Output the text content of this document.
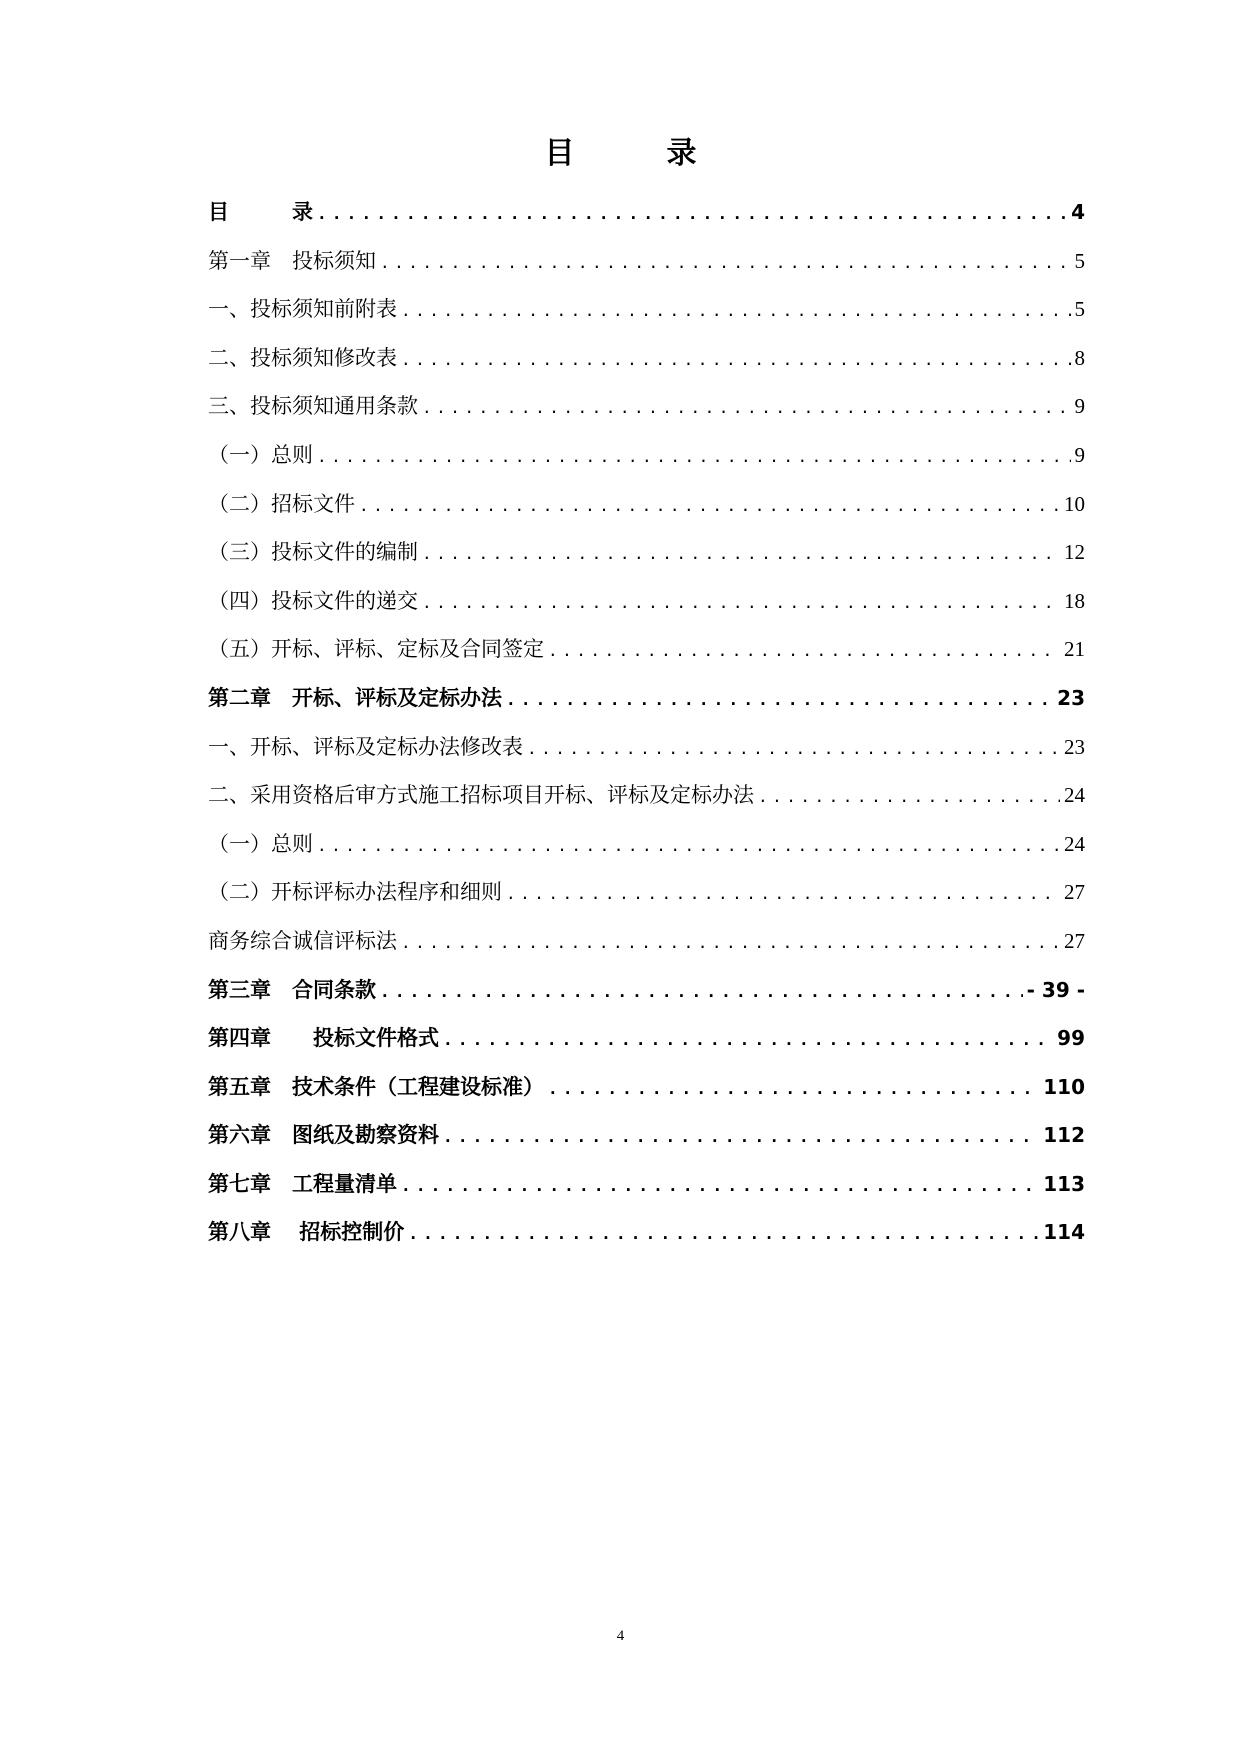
目	录
目　　　录 .....	4
第一章　投标须知 .....	5
一、投标须知前附表 .....	5
二、投标须知修改表 .....	8
三、投标须知通用条款 .....	9
（一）总则 .....	9
（二）招标文件 .....	10
（三）投标文件的编制 .....	12
（四）投标文件的递交 .....	18
（五）开标、评标、定标及合同签定 .....	21
第二章　开标、评标及定标办法 .....	23
一、开标、评标及定标办法修改表 .....	23
二、采用资格后审方式施工招标项目开标、评标及定标办法 .....	24
（一）总则 .....	24
（二）开标评标办法程序和细则 .....	27
商务综合诚信评标法 .....	27
第三章　合同条款 .....	- 39 -
第四章　　投标文件格式 .....	99
第五章　技术条件（工程建设标准） .....	110
第六章　图纸及勘察资料 .....	112
第七章　工程量清单 .....	113
第八章　 招标控制价 .....	114
4
